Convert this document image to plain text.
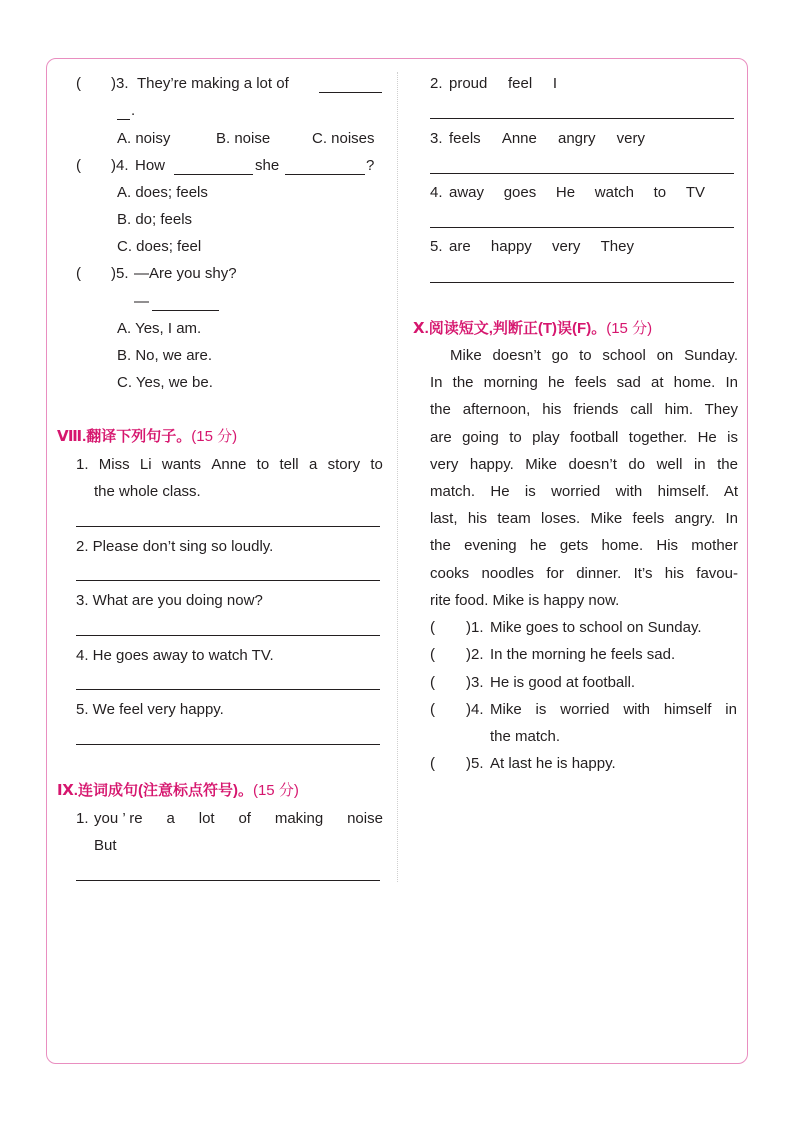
( )3. They’re making a lot of
.
A. noisy	B. noise	C. noises
( )4. How	she	?
A. does; feels
B. do; feels
C. does; feel
( )5. —Are you shy?
—
A. Yes, I am.
B. No, we are.
C. Yes, we be.
Ⅷ.翻译下列句子。(15 分)
1. Miss Li wants Anne to tell a story to
the whole class.
2. Please don’t sing so loudly.
3. What are you doing now?
4. He goes away to watch TV.
5. We feel very happy.
Ⅸ.连词成句(注意标点符号)。(15 分)
1. you ’ re a lot of making noise
But
2. proud feel I
3. feels Anne angry very
4. away goes He watch to TV
5. are happy very They
Ⅹ.阅读短文,判断正(T)误(F)。(15 分)
Mike doesn’t go to school on Sunday.
In the morning he feels sad at home. In
the afternoon, his friends call him. They
are going to play football together. He is
very happy. Mike doesn’t do well in the
match. He is worried with himself. At
last, his team loses. Mike feels angry. In
the evening he gets home. His mother
cooks noodles for dinner. It’s his favou-
rite food. Mike is happy now.
( )1. Mike goes to school on Sunday.
( )2. In the morning he feels sad.
( )3. He is good at football.
( )4. Mike is worried with himself in
the match.
( )5. At last he is happy.
